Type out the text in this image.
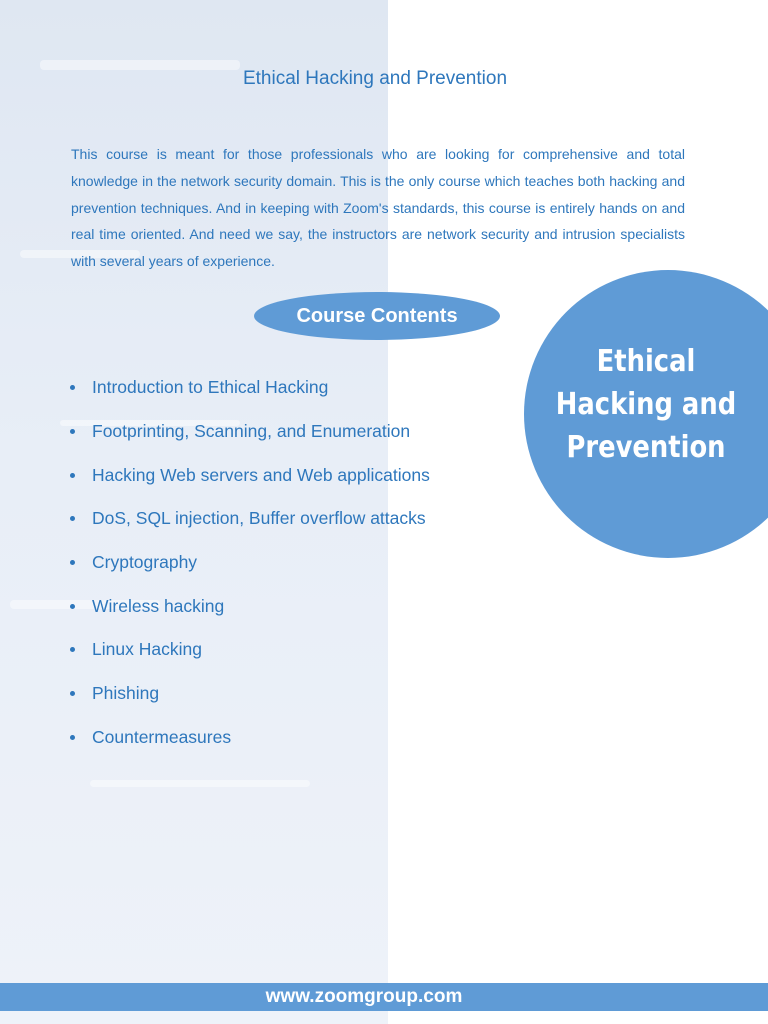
Ethical Hacking and Prevention
This course is meant for those professionals who are looking for comprehensive and total knowledge in the network security domain. This is the only course which teaches both hacking and prevention techniques. And in keeping with Zoom's standards, this course is entirely hands on and real time oriented. And need we say, the instructors are network security and intrusion specialists with several years of experience.
Course Contents
Ethical
Hacking and
Prevention
Introduction to Ethical Hacking
Footprinting, Scanning, and Enumeration
Hacking Web servers and Web applications
DoS, SQL injection, Buffer overflow attacks
Cryptography
Wireless hacking
Linux Hacking
Phishing
Countermeasures
www.zoomgroup.com
